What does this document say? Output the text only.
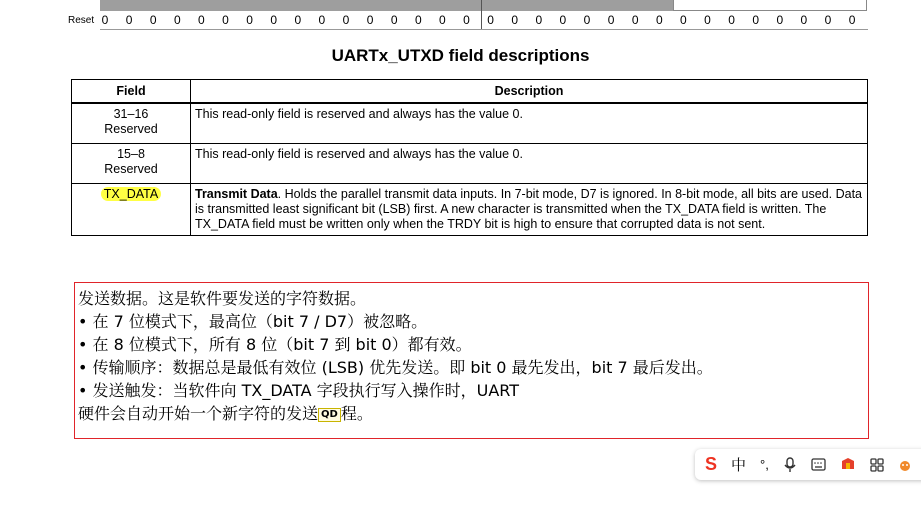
Reset 0 0 0 0 0 0 0 0 0 0 0 0 0 0 0 0 0 0 0 0 0 0 0 0 0 0 0 0 0 0 0 0
UARTx_UTXD field descriptions
Field	Description

31–16
Reserved	This read-only field is reserved and always has the value 0.

15–8
Reserved	This read-only field is reserved and always has the value 0.
TX_DATA	Transmit Data. Holds the parallel transmit data inputs. In 7-bit mode, D7 is ignored. In 8-bit mode, all bits are used. Data is transmitted least significant bit (LSB) first. A new character is transmitted when the TX_DATA field is written. The TX_DATA field must be written only when the TRDY bit is high to ensure that corrupted data is not sent.
发送数据。这是软件要发送的字符数据。
• 在 7 位模式下，最高位（bit 7 / D7）被忽略。
• 在 8 位模式下，所有 8 位（bit 7 到 bit 0）都有效。
• 传输顺序：数据总是最低有效位 (LSB) 优先发送。即 bit 0 最先发出，bit 7 最后发出。
• 发送触发：当软件向 TX_DATA 字段执行写入操作时，UART
硬件会自动开始一个新字符的发送 QD 程。
S 中 °,
